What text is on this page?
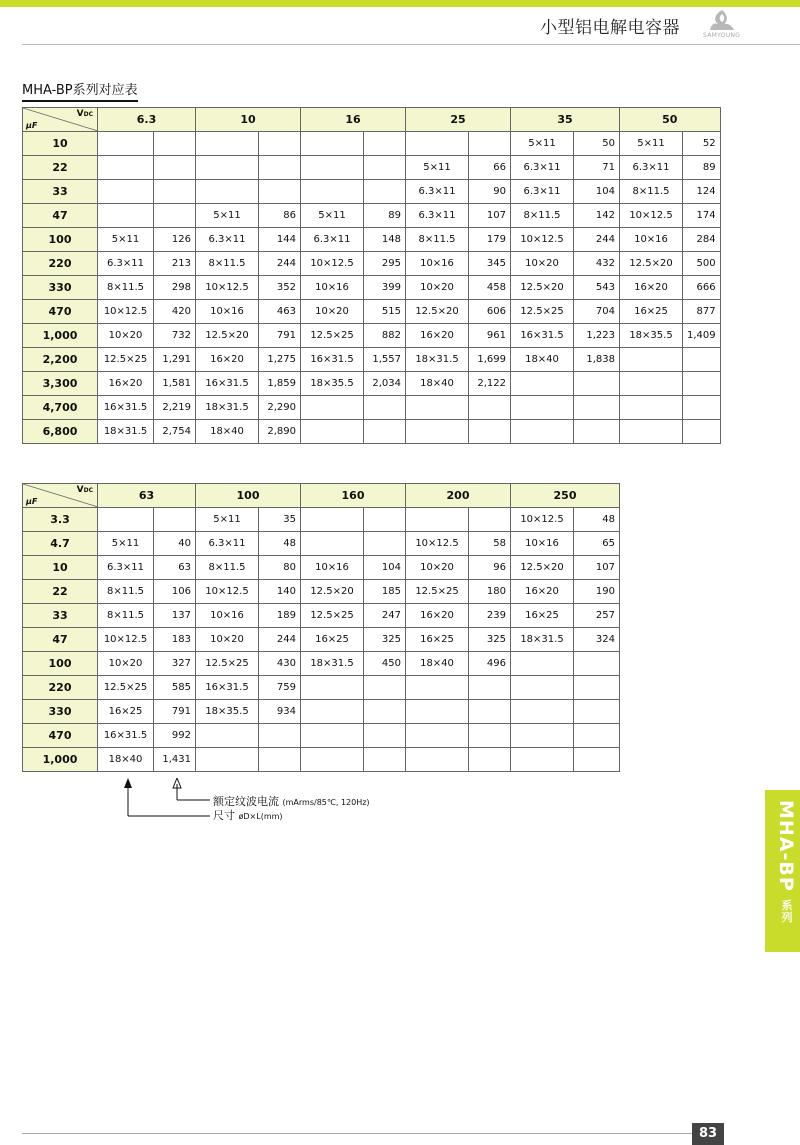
小型铝电解电容器	SAMYOUNG
MHA-BP系列对应表
μF
VDC	6.3		10		16		25		35		50	
10									5×11	50	5×11	52
22							5×11	66	6.3×11	71	6.3×11	89
33							6.3×11	90	6.3×11	104	8×11.5	124
47			5×11	86	5×11	89	6.3×11	107	8×11.5	142	10×12.5	174
100	5×11	126	6.3×11	144	6.3×11	148	8×11.5	179	10×12.5	244	10×16	284
220	6.3×11	213	8×11.5	244	10×12.5	295	10×16	345	10×20	432	12.5×20	500
330	8×11.5	298	10×12.5	352	10×16	399	10×20	458	12.5×20	543	16×20	666
470	10×12.5	420	10×16	463	10×20	515	12.5×20	606	12.5×25	704	16×25	877
1,000	10×20	732	12.5×20	791	12.5×25	882	16×20	961	16×31.5	1,223	18×35.5	1,409
2,200	12.5×25	1,291	16×20	1,275	16×31.5	1,557	18×31.5	1,699	18×40	1,838		
3,300	16×20	1,581	16×31.5	1,859	18×35.5	2,034	18×40	2,122				
4,700	16×31.5	2,219	18×31.5	2,290								
6,800	18×31.5	2,754	18×40	2,890								
μF
VDC	63		100		160		200		250	
3.3			5×11	35					10×12.5	48
4.7	5×11	40	6.3×11	48			10×12.5	58	10×16	65
10	6.3×11	63	8×11.5	80	10×16	104	10×20	96	12.5×20	107
22	8×11.5	106	10×12.5	140	12.5×20	185	12.5×25	180	16×20	190
33	8×11.5	137	10×16	189	12.5×25	247	16×20	239	16×25	257
47	10×12.5	183	10×20	244	16×25	325	16×25	325	18×31.5	324
100	10×20	327	12.5×25	430	18×31.5	450	18×40	496		
220	12.5×25	585	16×31.5	759						
330	16×25	791	18×35.5	934						
470	16×31.5	992								
1,000	18×40	1,431								
额定纹波电流 (mArms/85℃, 120Hz)
尺寸 øD×L(mm)	MHA-BP 系列
83
